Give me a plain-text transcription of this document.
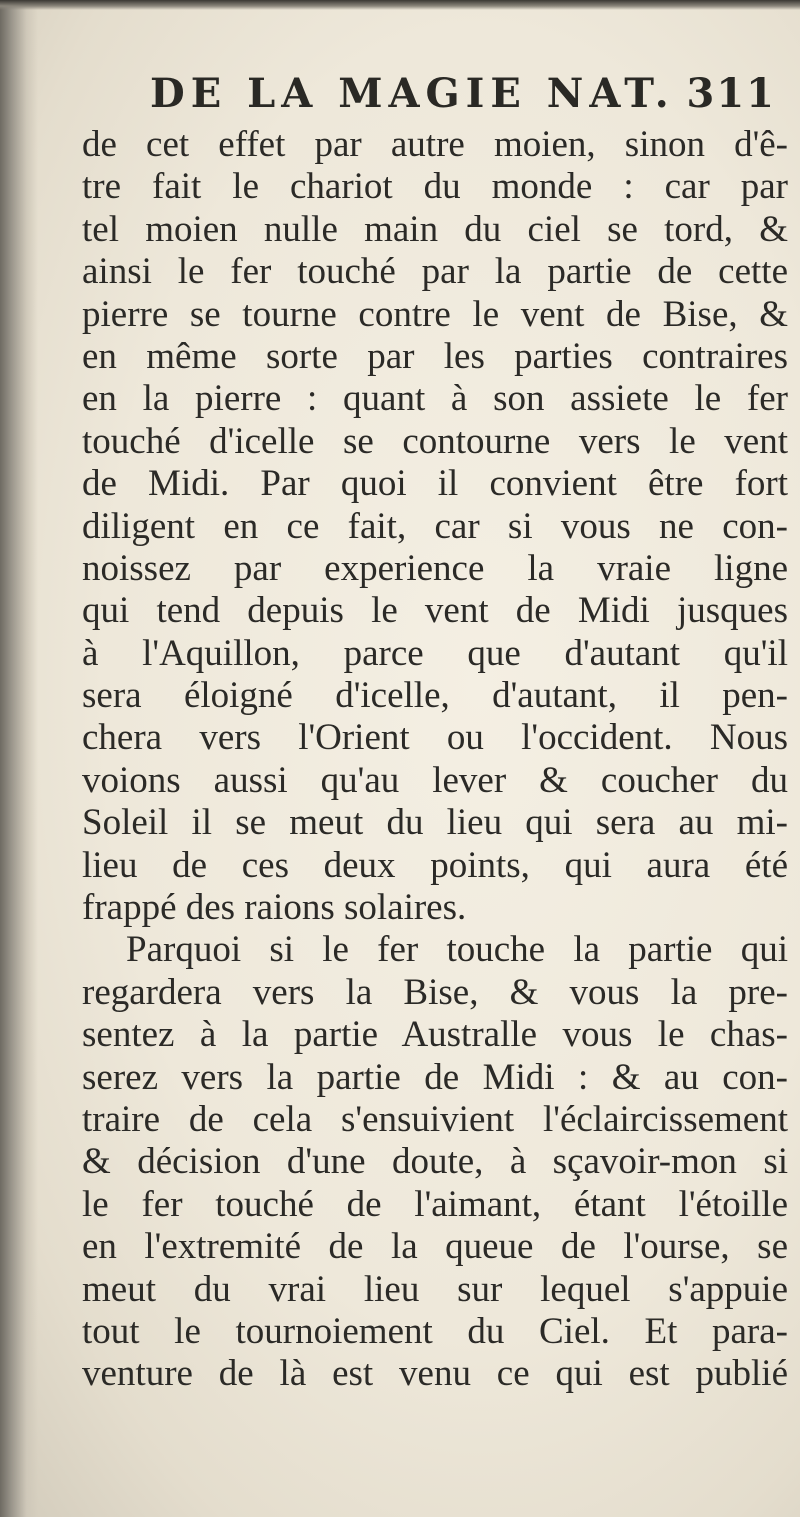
DE LA MAGIE NAT. 311
de cet effet par autre moien, sinon d'ê-
tre fait le chariot du monde : car par
tel moien nulle main du ciel se tord, &
ainsi le fer touché par la partie de cette
pierre se tourne contre le vent de Bise, &
en même sorte par les parties contraires
en la pierre : quant à son assiete le fer
touché d'icelle se contourne vers le vent
de Midi. Par quoi il convient être fort
diligent en ce fait, car si vous ne con-
noissez par experience la vraie ligne
qui tend depuis le vent de Midi jusques
à l'Aquillon, parce que d'autant qu'il
sera éloigné d'icelle, d'autant, il pen-
chera vers l'Orient ou l'occident. Nous
voions aussi qu'au lever & coucher du
Soleil il se meut du lieu qui sera au mi-
lieu de ces deux points, qui aura été
frappé des raions solaires.
Parquoi si le fer touche la partie qui
regardera vers la Bise, & vous la pre-
sentez à la partie Australle vous le chas-
serez vers la partie de Midi : & au con-
traire de cela s'ensuivient l'éclaircissement
& décision d'une doute, à sçavoir-mon si
le fer touché de l'aimant, étant l'étoille
en l'extremité de la queue de l'ourse, se
meut du vrai lieu sur lequel s'appuie
tout le tournoiement du Ciel. Et para-
venture de là est venu ce qui est publié
